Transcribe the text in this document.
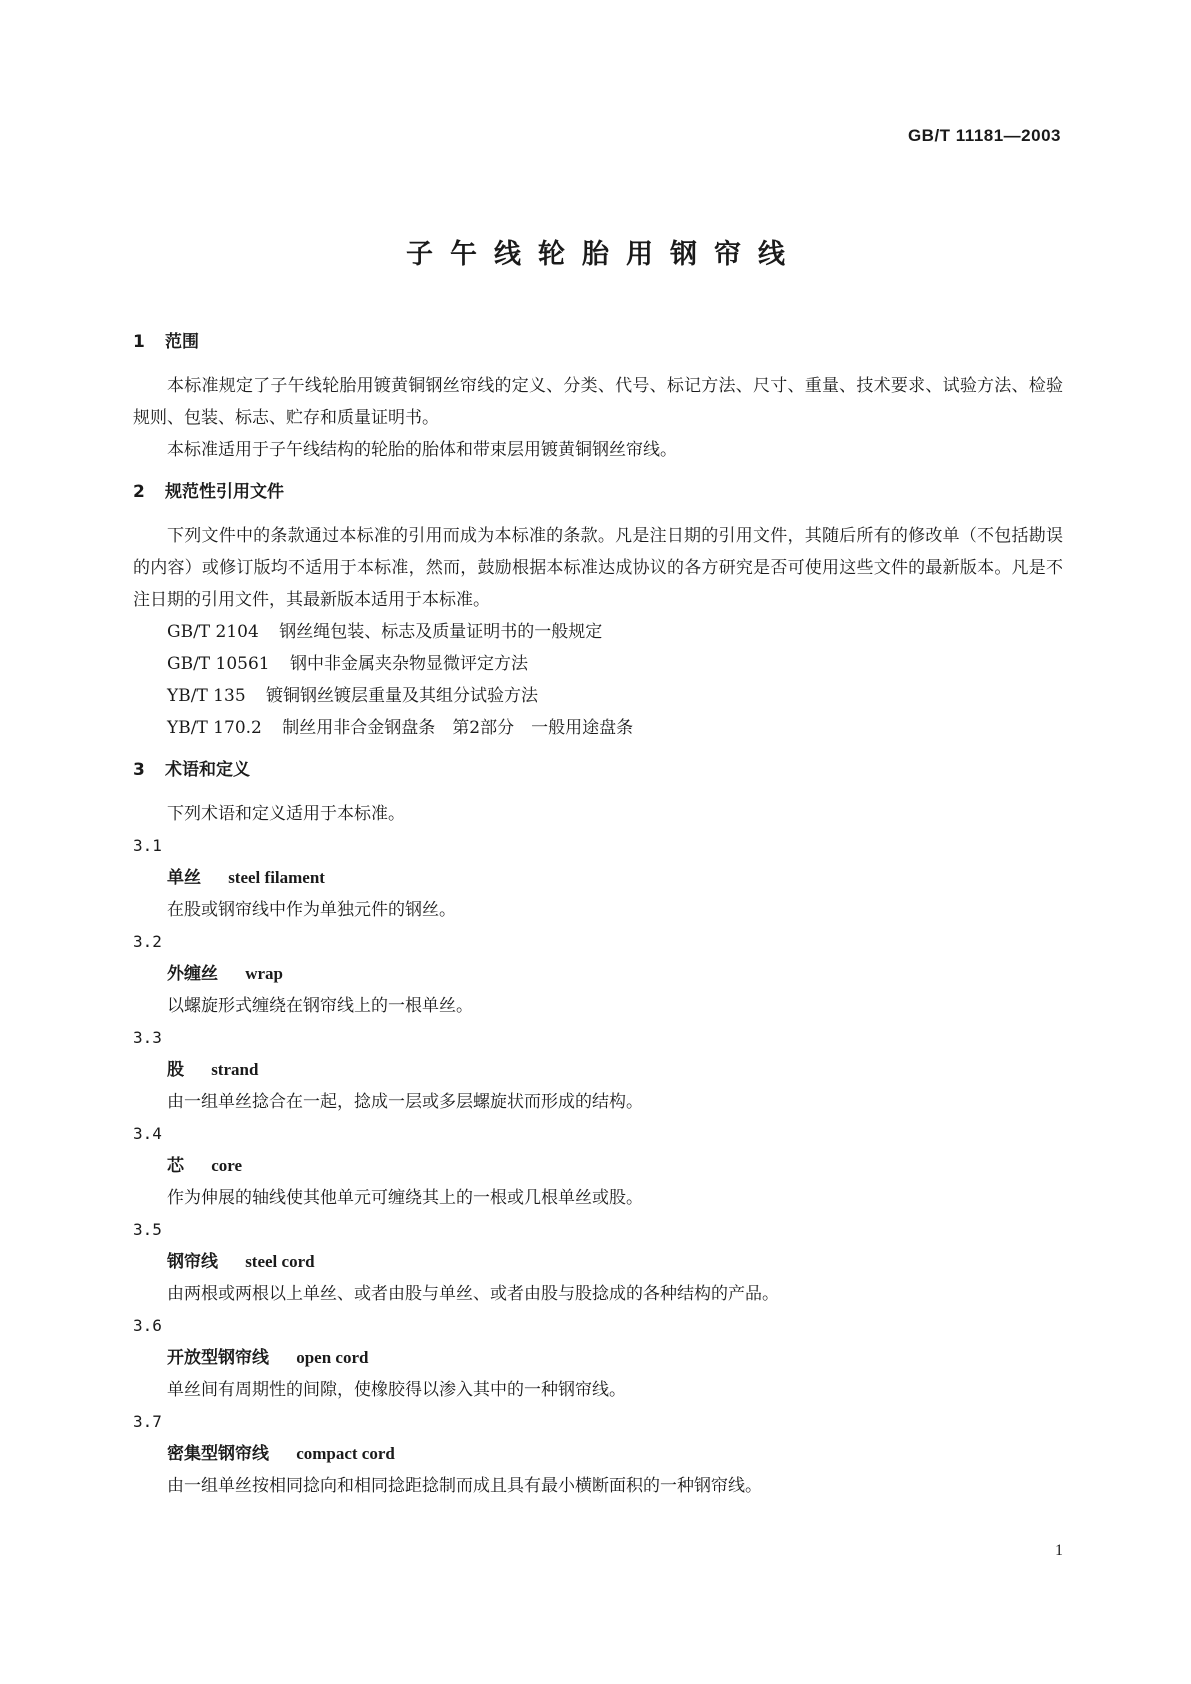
GB/T 11181—2003

子午线轮胎用钢帘线
1 范围

本标准规定了子午线轮胎用镀黄铜钢丝帘线的定义、分类、代号、标记方法、尺寸、重量、技术要求、试验方法、检验规则、包装、标志、贮存和质量证明书。

本标准适用于子午线结构的轮胎的胎体和带束层用镀黄铜钢丝帘线。

2 规范性引用文件

下列文件中的条款通过本标准的引用而成为本标准的条款。凡是注日期的引用文件，其随后所有的修改单（不包括勘误的内容）或修订版均不适用于本标准，然而，鼓励根据本标准达成协议的各方研究是否可使用这些文件的最新版本。凡是不注日期的引用文件，其最新版本适用于本标准。

GB/T 2104 钢丝绳包装、标志及质量证明书的一般规定

GB/T 10561 钢中非金属夹杂物显微评定方法

YB/T 135 镀铜钢丝镀层重量及其组分试验方法

YB/T 170.2 制丝用非合金钢盘条　第2部分　一般用途盘条

3 术语和定义

下列术语和定义适用于本标准。

3.1
单丝 steel filament
在股或钢帘线中作为单独元件的钢丝。
3.2
外缠丝 wrap
以螺旋形式缠绕在钢帘线上的一根单丝。
3.3
股 strand
由一组单丝捻合在一起，捻成一层或多层螺旋状而形成的结构。
3.4
芯 core
作为伸展的轴线使其他单元可缠绕其上的一根或几根单丝或股。
3.5
钢帘线 steel cord
由两根或两根以上单丝、或者由股与单丝、或者由股与股捻成的各种结构的产品。
3.6
开放型钢帘线 open cord
单丝间有周期性的间隙，使橡胶得以渗入其中的一种钢帘线。
3.7
密集型钢帘线 compact cord
由一组单丝按相同捻向和相同捻距捻制而成且具有最小横断面积的一种钢帘线。

1
